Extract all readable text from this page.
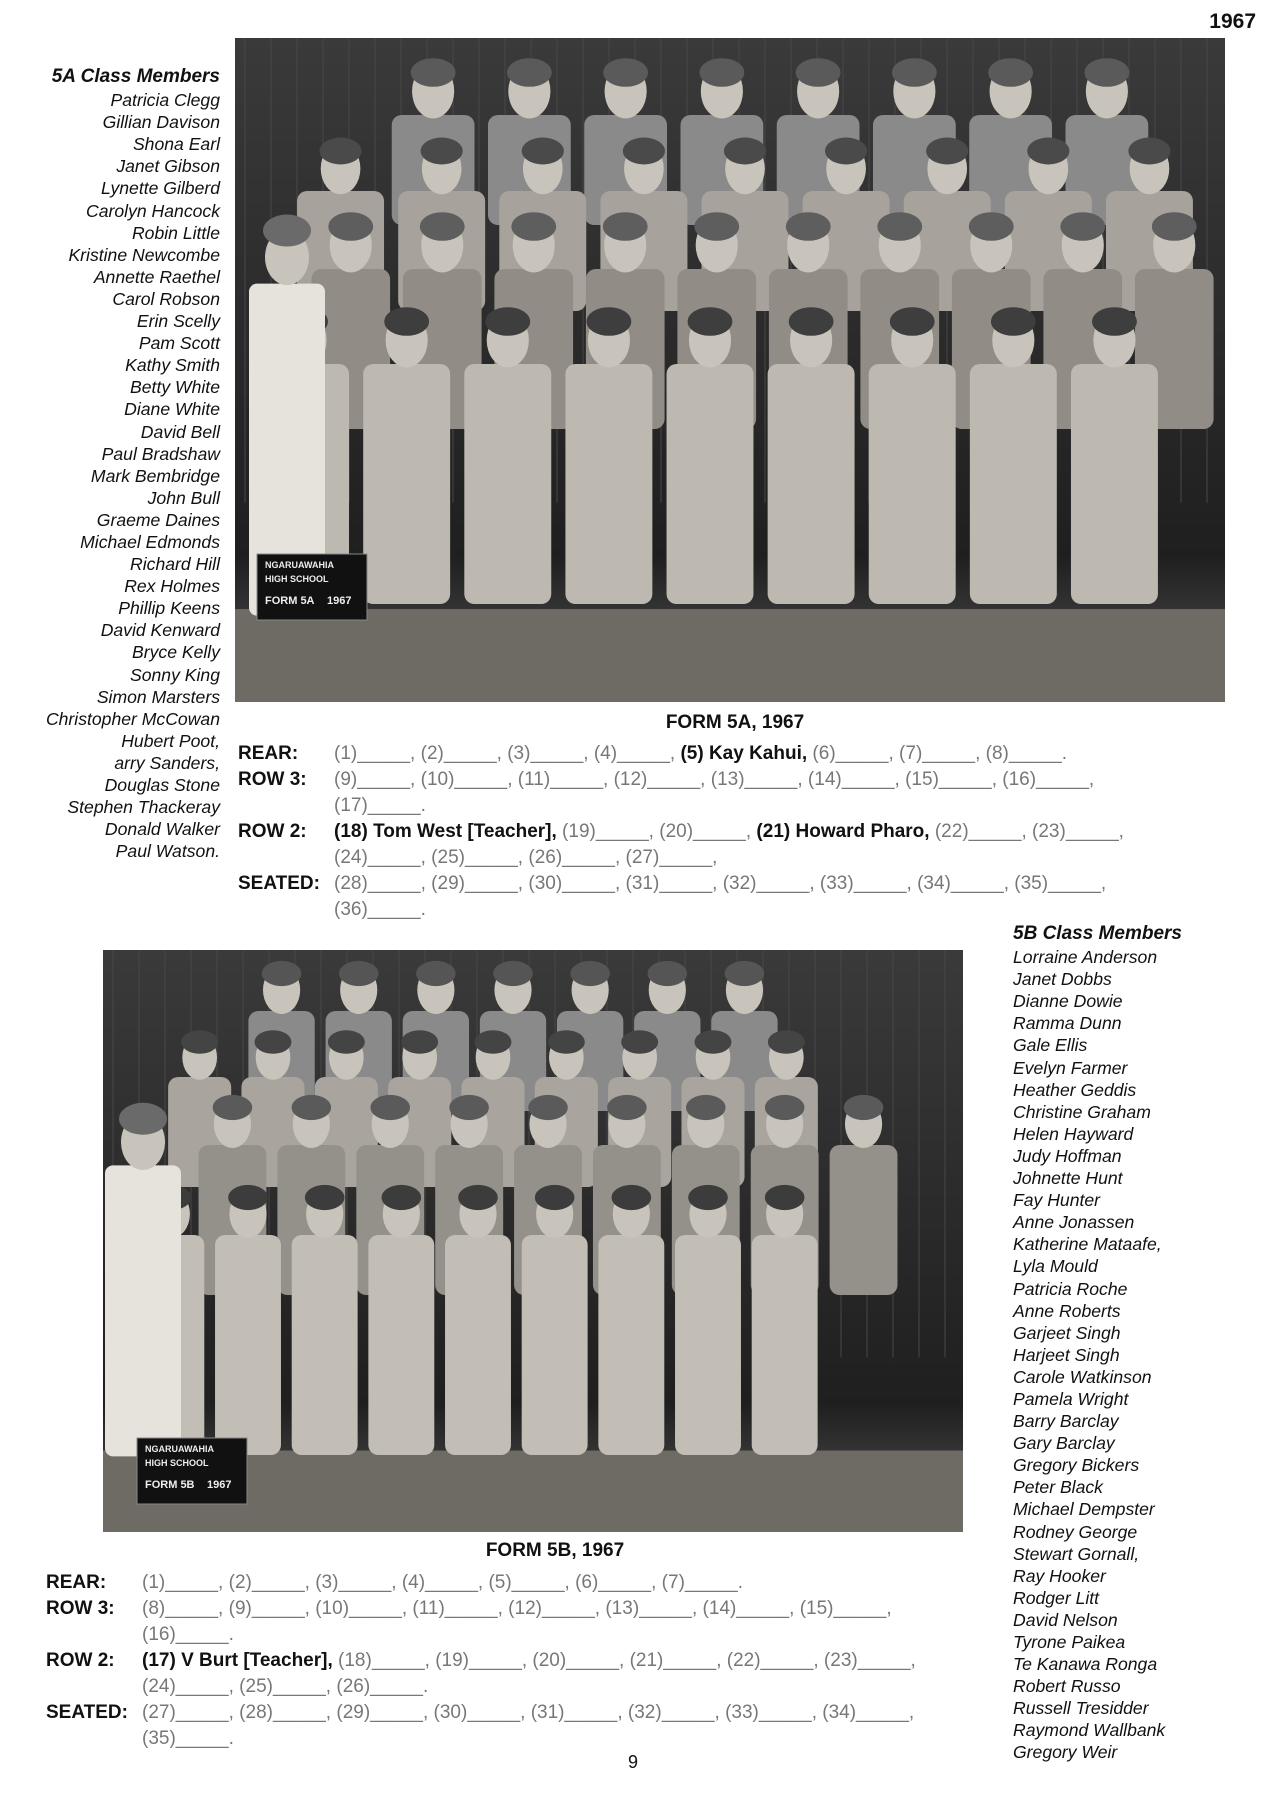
1967
5A Class Members
Patricia Clegg
Gillian Davison
Shona Earl
Janet Gibson
Lynette Gilberd
Carolyn Hancock
Robin Little
Kristine Newcombe
Annette Raethel
Carol Robson
Erin Scelly
Pam Scott
Kathy Smith
Betty White
Diane White
David Bell
Paul Bradshaw
Mark Bembridge
John Bull
Graeme Daines
Michael Edmonds
Richard Hill
Rex Holmes
Phillip Keens
David Kenward
Bryce Kelly
Sonny King
Simon Marsters
Christopher McCowan
Hubert Poot,
arry Sanders,
Douglas Stone
Stephen Thackeray
Donald Walker
Paul Watson.
NGARUAWAHIA
HIGH SCHOOL
FORM 5A 1967
FORM 5A, 1967
REAR:	(1)_____, (2)_____, (3)_____, (4)_____, (5) Kay Kahui, (6)_____, (7)_____, (8)_____.
ROW 3:	(9)_____, (10)_____, (11)_____, (12)_____, (13)_____, (14)_____, (15)_____, (16)_____,
(17)_____.
ROW 2:	(18) Tom West [Teacher], (19)_____, (20)_____, (21) Howard Pharo, (22)_____, (23)_____,
(24)_____, (25)_____, (26)_____, (27)_____,
SEATED: (28)_____, (29)_____, (30)_____, (31)_____, (32)_____, (33)_____, (34)_____, (35)_____,
(36)_____.
5B Class Members
Lorraine Anderson
Janet Dobbs
Dianne Dowie
Ramma Dunn
Gale Ellis
Evelyn Farmer
Heather Geddis
Christine Graham
Helen Hayward
Judy Hoffman
Johnette Hunt
Fay Hunter
Anne Jonassen
Katherine Mataafe,
Lyla Mould
Patricia Roche
Anne Roberts
Garjeet Singh
Harjeet Singh
Carole Watkinson
Pamela Wright
Barry Barclay
Gary Barclay
Gregory Bickers
Peter Black
Michael Dempster
Rodney George
Stewart Gornall,
Ray Hooker
Rodger Litt
David Nelson
Tyrone Paikea
Te Kanawa Ronga
Robert Russo
Russell Tresidder
Raymond Wallbank
Gregory Weir
NGARUAWAHIA
HIGH SCHOOL
FORM 5B 1967
FORM 5B, 1967
REAR:	(1)_____, (2)_____, (3)_____, (4)_____, (5)_____, (6)_____, (7)_____.
ROW 3:	(8)_____, (9)_____, (10)_____, (11)_____, (12)_____, (13)_____, (14)_____, (15)_____,
(16)_____.
ROW 2:	(17) V Burt [Teacher], (18)_____, (19)_____, (20)_____, (21)_____, (22)_____, (23)_____,
(24)_____, (25)_____, (26)_____.
SEATED: (27)_____, (28)_____, (29)_____, (30)_____, (31)_____, (32)_____, (33)_____, (34)_____,
(35)_____.
9
